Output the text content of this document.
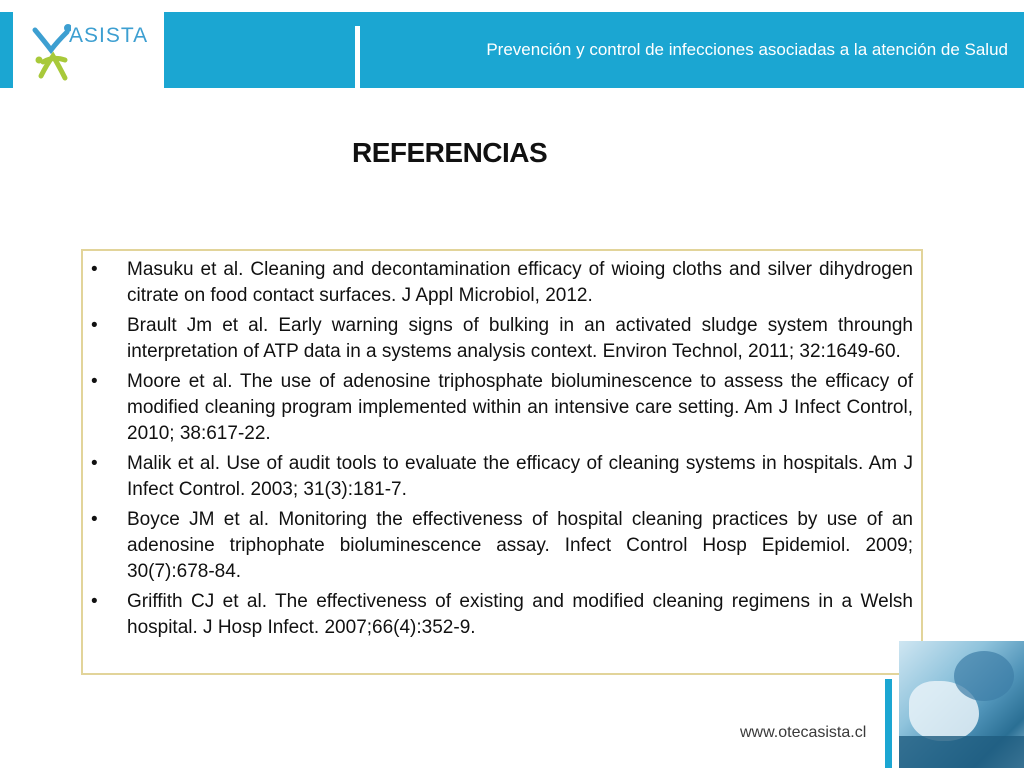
ASISTA
Prevención y control de infecciones asociadas a la atención de Salud
REFERENCIAS
• Masuku et al. Cleaning and decontamination efficacy of wioing cloths and silver dihydrogen citrate on food contact surfaces. J Appl Microbiol, 2012.
• Brault Jm et al. Early warning signs of bulking in an activated sludge system throungh interpretation of ATP data in a systems analysis context. Environ Technol, 2011; 32:1649-60.
• Moore et al. The use of adenosine triphosphate bioluminescence to assess the efficacy of modified cleaning program implemented within an intensive care setting. Am J Infect Control, 2010; 38:617-22.
• Malik et al. Use of audit tools to evaluate the efficacy of cleaning systems in hospitals. Am J Infect Control. 2003; 31(3):181-7.
• Boyce JM et al. Monitoring the effectiveness of hospital cleaning practices by use of an adenosine triphophate bioluminescence assay. Infect Control Hosp Epidemiol. 2009; 30(7):678-84.
• Griffith CJ et al. The effectiveness of existing and modified cleaning regimens in a Welsh hospital. J Hosp Infect. 2007;66(4):352-9.
www.otecasista.cl
